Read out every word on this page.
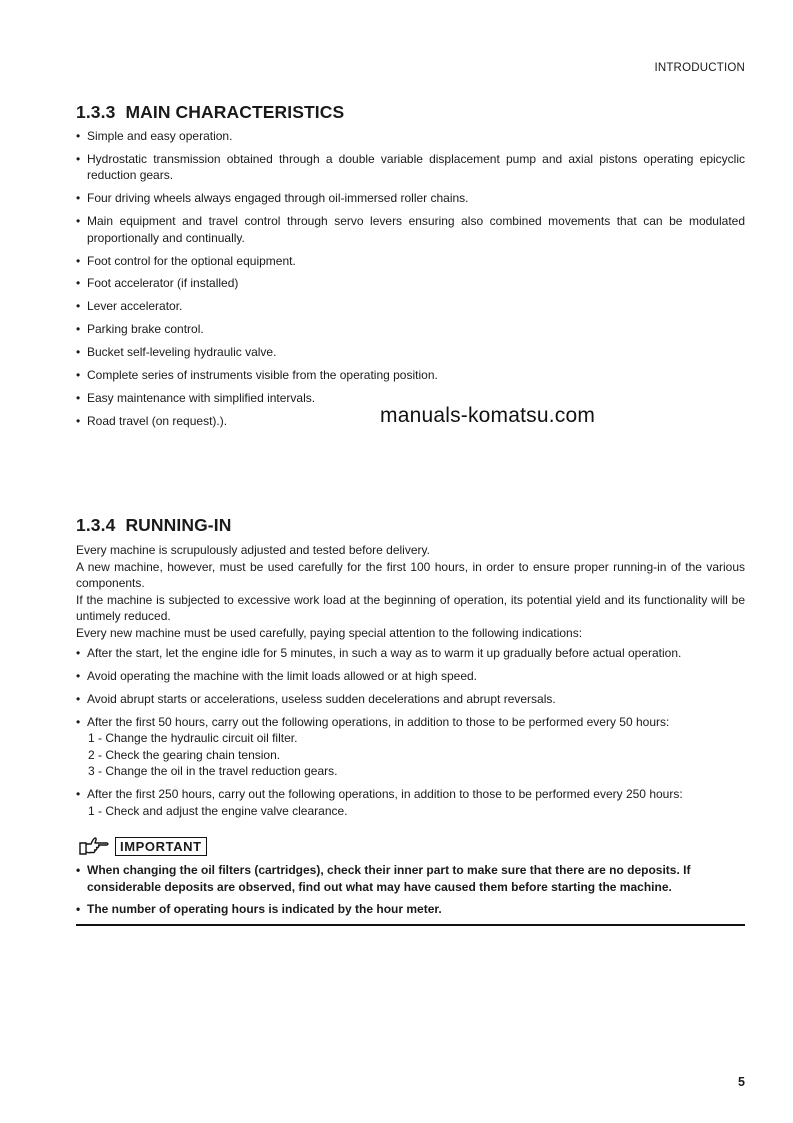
INTRODUCTION
1.3.3 MAIN CHARACTERISTICS
• Simple and easy operation.
• Hydrostatic transmission obtained through a double variable displacement pump and axial pistons operating epicyclic reduction gears.
• Four driving wheels always engaged through oil-immersed roller chains.
• Main equipment and travel control through servo levers ensuring also combined movements that can be modulated proportionally and continually.
• Foot control for the optional equipment.
• Foot accelerator (if installed)
• Lever accelerator.
• Parking brake control.
• Bucket self-leveling hydraulic valve.
• Complete series of instruments visible from the operating position.
• Easy maintenance with simplified intervals.
• Road travel (on request).).	manuals-komatsu.com
1.3.4 RUNNING-IN

Every machine is scrupulously adjusted and tested before delivery.

A new machine, however, must be used carefully for the first 100 hours, in order to ensure proper running-in of the various components.

If the machine is subjected to excessive work load at the beginning of operation, its potential yield and its functionality will be untimely reduced.

Every new machine must be used carefully, paying special attention to the following indications:

• After the start, let the engine idle for 5 minutes, in such a way as to warm it up gradually before actual operation.
• Avoid operating the machine with the limit loads allowed or at high speed.
• Avoid abrupt starts or accelerations, useless sudden decelerations and abrupt reversals.
• After the first 50 hours, carry out the following operations, in addition to those to be performed every 50 hours:
1 - Change the hydraulic circuit oil filter.
2 - Check the gearing chain tension.
3 - Change the oil in the travel reduction gears.
• After the first 250 hours, carry out the following operations, in addition to those to be performed every 250 hours:
1 - Check and adjust the engine valve clearance.
IMPORTANT
• When changing the oil filters (cartridges), check their inner part to make sure that there are no deposits. If considerable deposits are observed, find out what may have caused them before starting the machine.
• The number of operating hours is indicated by the hour meter.
5
